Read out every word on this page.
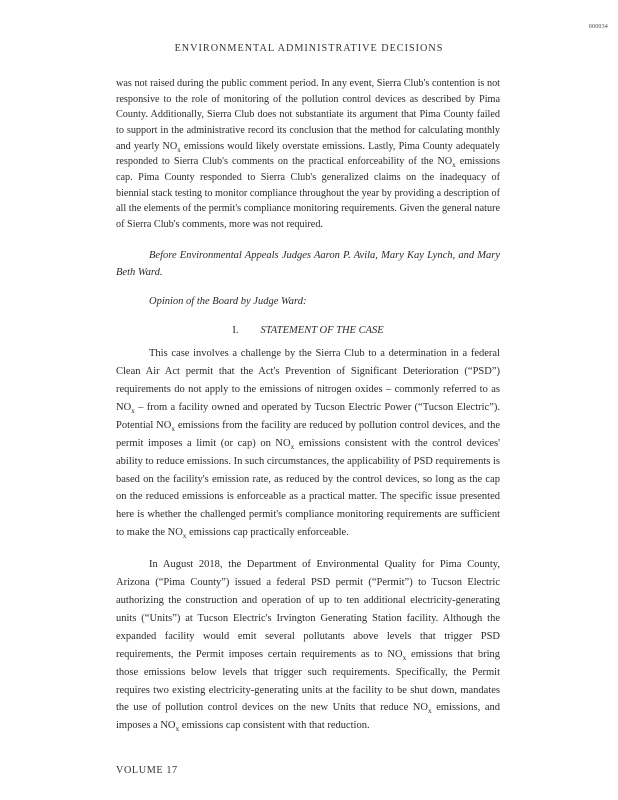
000034
ENVIRONMENTAL ADMINISTRATIVE DECISIONS

was not raised during the public comment period. In any event, Sierra Club's contention is not responsive to the role of monitoring of the pollution control devices as described by Pima County. Additionally, Sierra Club does not substantiate its argument that Pima County failed to support in the administrative record its conclusion that the method for calculating monthly and yearly $NO_x$ emissions would likely overstate emissions. Lastly, Pima County adequately responded to Sierra Club's comments on the practical enforceability of the $NO_x$ emissions cap. Pima County responded to Sierra Club's generalized claims on the inadequacy of biennial stack testing to monitor compliance throughout the year by providing a description of all the elements of the permit's compliance monitoring requirements. Given the general nature of Sierra Club's comments, more was not required.

Before Environmental Appeals Judges Aaron P. Avila, Mary Kay Lynch, and Mary Beth Ward.

Opinion of the Board by Judge Ward:

I. STATEMENT OF THE CASE

This case involves a challenge by the Sierra Club to a determination in a federal Clean Air Act permit that the Act's Prevention of Significant Deterioration (“PSD”) requirements do not apply to the emissions of nitrogen oxides – commonly referred to as $NO_x$ – from a facility owned and operated by Tucson Electric Power (“Tucson Electric”). Potential $NO_x$ emissions from the facility are reduced by pollution control devices, and the permit imposes a limit (or cap) on $NO_x$ emissions consistent with the control devices' ability to reduce emissions. In such circumstances, the applicability of PSD requirements is based on the facility's emission rate, as reduced by the control devices, so long as the cap on the reduced emissions is enforceable as a practical matter. The specific issue presented here is whether the challenged permit's compliance monitoring requirements are sufficient to make the $NO_x$ emissions cap practically enforceable.

In August 2018, the Department of Environmental Quality for Pima County, Arizona (“Pima County”) issued a federal PSD permit (“Permit”) to Tucson Electric authorizing the construction and operation of up to ten additional electricity-generating units (“Units”) at Tucson Electric's Irvington Generating Station facility. Although the expanded facility would emit several pollutants above levels that trigger PSD requirements, the Permit imposes certain requirements as to $NO_x$ emissions that bring those emissions below levels that trigger such requirements. Specifically, the Permit requires two existing electricity-generating units at the facility to be shut down, mandates the use of pollution control devices on the new Units that reduce $NO_x$ emissions, and imposes a $NO_x$ emissions cap consistent with that reduction.

VOLUME 17
